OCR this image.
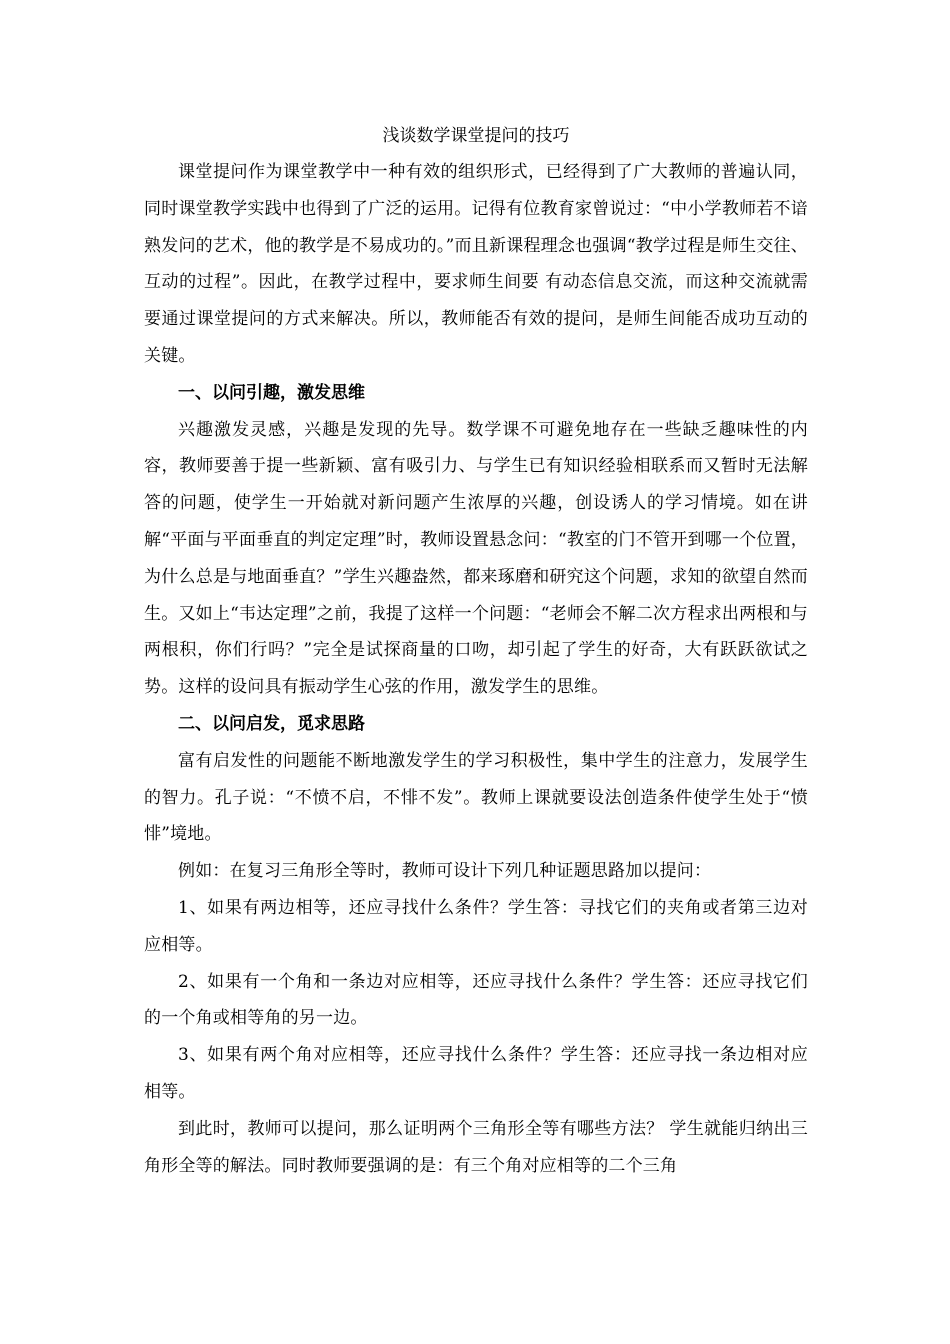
浅谈数学课堂提问的技巧

课堂提问作为课堂教学中一种有效的组织形式，已经得到了广大教师的普遍认同，同时课堂教学实践中也得到了广泛的运用。记得有位教育家曾说过：“中小学教师若不谙熟发问的艺术，他的教学是不易成功的。”而且新课程理念也强调“教学过程是师生交往、互动的过程”。因此，在教学过程中，要求师生间要 有动态信息交流，而这种交流就需要通过课堂提问的方式来解决。所以，教师能否有效的提问，是师生间能否成功互动的关键。

一、以问引趣，激发思维

兴趣激发灵感，兴趣是发现的先导。数学课不可避免地存在一些缺乏趣味性的内容，教师要善于提一些新颖、富有吸引力、与学生已有知识经验相联系而又暂时无法解答的问题，使学生一开始就对新问题产生浓厚的兴趣，创设诱人的学习情境。如在讲解“平面与平面垂直的判定定理”时，教师设置悬念问：“教室的门不管开到哪一个位置，为什么总是与地面垂直？”学生兴趣盎然，都来琢磨和研究这个问题，求知的欲望自然而生。又如上“韦达定理”之前，我提了这样一个问题：“老师会不解二次方程求出两根和与两根积，你们行吗？”完全是试探商量的口吻，却引起了学生的好奇，大有跃跃欲试之势。这样的设问具有振动学生心弦的作用，激发学生的思维。

二、以问启发，觅求思路

富有启发性的问题能不断地激发学生的学习积极性，集中学生的注意力，发展学生的智力。孔子说：“不愤不启，不悱不发”。教师上课就要设法创造条件使学生处于“愤悱”境地。

例如：在复习三角形全等时，教师可设计下列几种证题思路加以提问：

1、如果有两边相等，还应寻找什么条件？学生答：寻找它们的夹角或者第三边对应相等。

2、如果有一个角和一条边对应相等，还应寻找什么条件？学生答：还应寻找它们的一个角或相等角的另一边。

3、如果有两个角对应相等，还应寻找什么条件？学生答：还应寻找一条边相对应相等。

到此时，教师可以提问，那么证明两个三角形全等有哪些方法？ 学生就能归纳出三角形全等的解法。同时教师要强调的是：有三个角对应相等的二个三角
